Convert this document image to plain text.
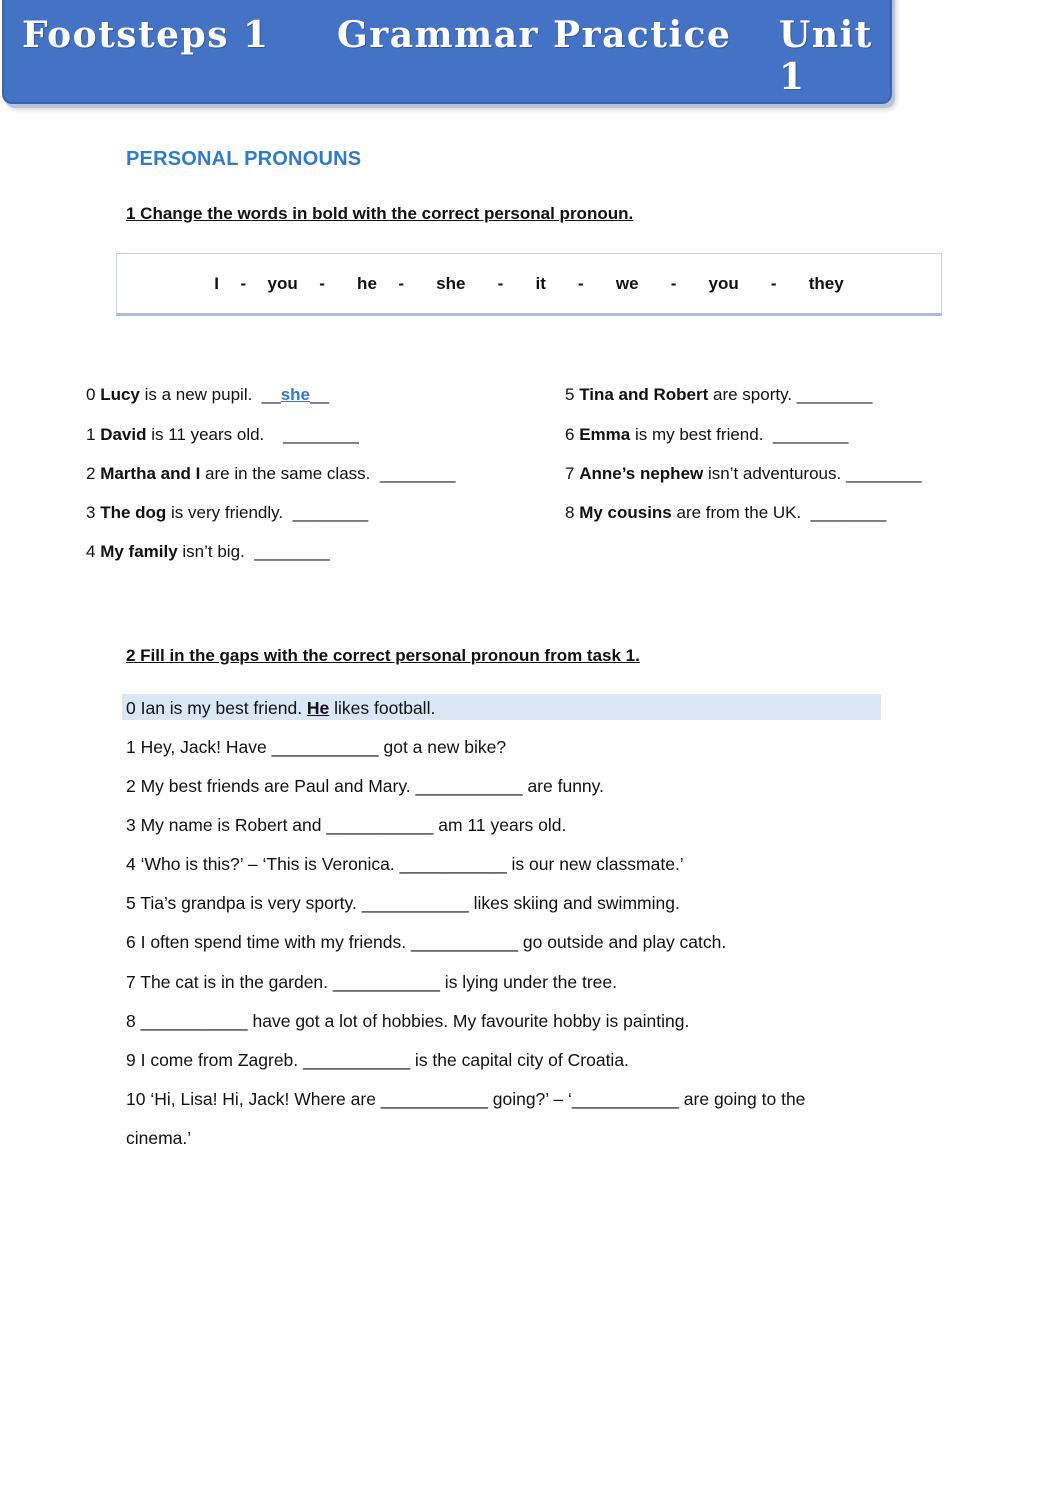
Footsteps 1 Grammar Practice Unit 1
PERSONAL PRONOUNS
1 Change the words in bold with the correct personal pronoun.
I  -  you  -   he  -   she   -   it   -   we   -   you   -   they
0 Lucy is a new pupil.  __she__
1 David is 11 years old.    ________
2 Martha and I are in the same class.  ________
3 The dog is very friendly.  ________
4 My family isn’t big.  ________
5 Tina and Robert are sporty. ________
6 Emma is my best friend.  ________
7 Anne’s nephew isn’t adventurous. ________
8 My cousins are from the UK.  ________
2 Fill in the gaps with the correct personal pronoun from task 1.
0 Ian is my best friend. He likes football.
1 Hey, Jack! Have ___________ got a new bike?
2 My best friends are Paul and Mary. ___________ are funny.
3 My name is Robert and ___________ am 11 years old.
4 ‘Who is this?’ – ‘This is Veronica. ___________ is our new classmate.’
5 Tia’s grandpa is very sporty. ___________ likes skiing and swimming.
6 I often spend time with my friends. ___________ go outside and play catch.
7 The cat is in the garden. ___________ is lying under the tree.
8 ___________ have got a lot of hobbies. My favourite hobby is painting.
9 I come from Zagreb. ___________ is the capital city of Croatia.
10 ‘Hi, Lisa! Hi, Jack! Where are ___________ going?’ – ‘___________ are going to the
cinema.’
